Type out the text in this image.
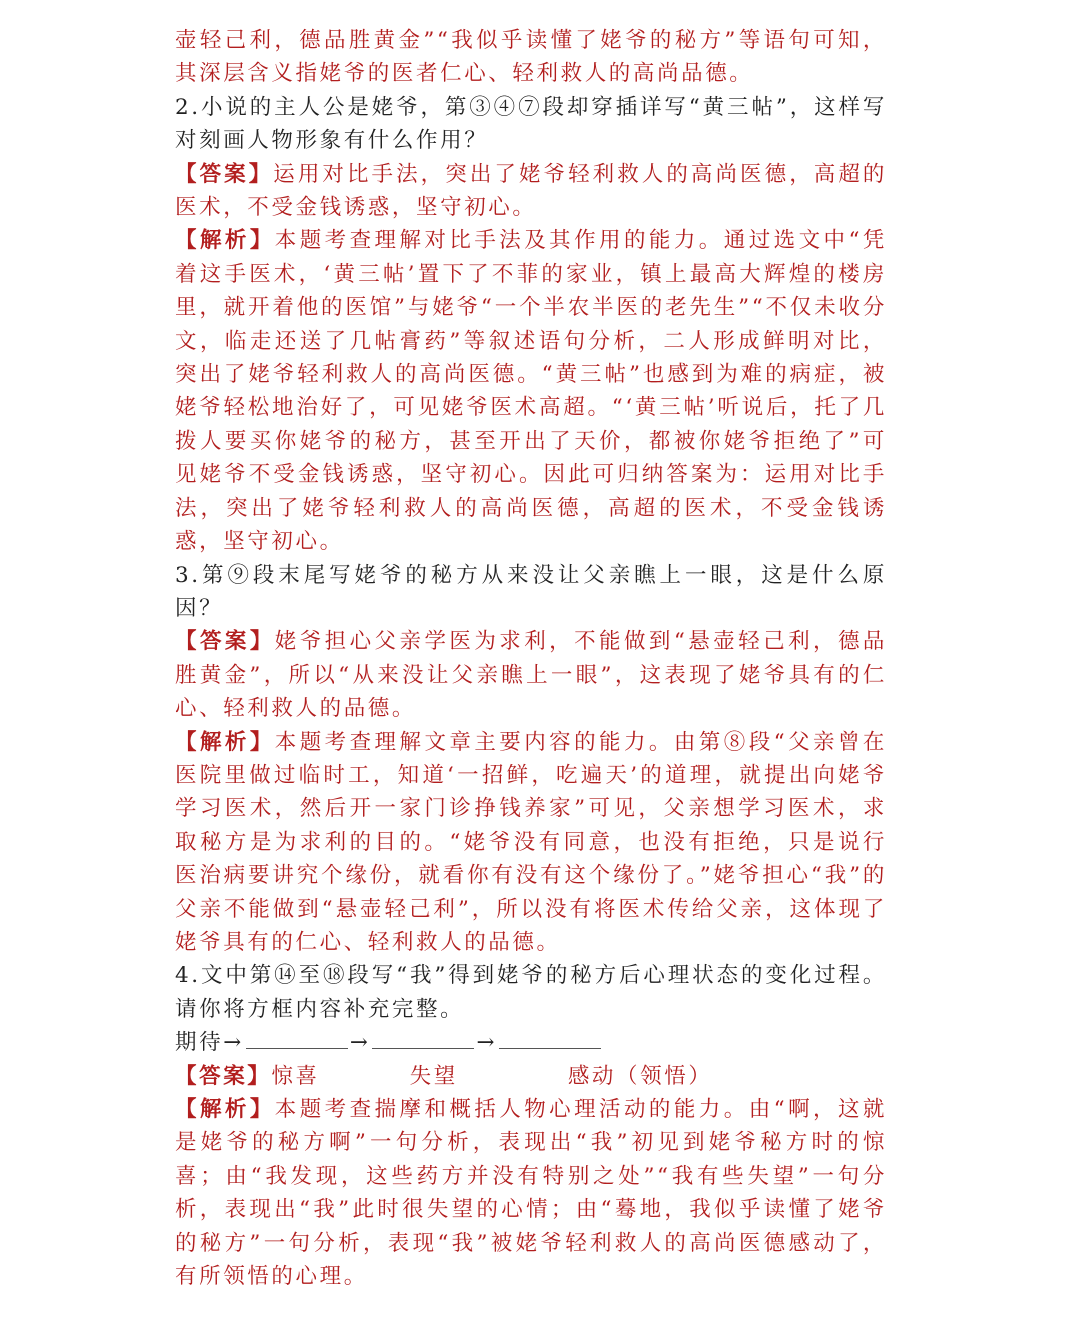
壶轻己利，德品胜黄金”“我似乎读懂了姥爷的秘方”等语句可知，其深层含义指姥爷的医者仁心、轻利救人的高尚品德。

2.小说的主人公是姥爷，第③④⑦段却穿插详写“黄三帖”，这样写对刻画人物形象有什么作用？

【答案】运用对比手法，突出了姥爷轻利救人的高尚医德，高超的医术，不受金钱诱惑，坚守初心。

【解析】本题考查理解对比手法及其作用的能力。通过选文中“凭着这手医术，‘黄三帖’置下了不菲的家业，镇上最高大辉煌的楼房里，就开着他的医馆”与姥爷“一个半农半医的老先生”“不仅未收分文，临走还送了几帖膏药”等叙述语句分析，二人形成鲜明对比，突出了姥爷轻利救人的高尚医德。“黄三帖”也感到为难的病症，被姥爷轻松地治好了，可见姥爷医术高超。“‘黄三帖’听说后，托了几拨人要买你姥爷的秘方，甚至开出了天价，都被你姥爷拒绝了”可见姥爷不受金钱诱惑，坚守初心。因此可归纳答案为：运用对比手法，突出了姥爷轻利救人的高尚医德，高超的医术，不受金钱诱惑，坚守初心。

3.第⑨段末尾写姥爷的秘方从来没让父亲瞧上一眼，这是什么原因？

【答案】姥爷担心父亲学医为求利，不能做到“悬壶轻己利，德品胜黄金”，所以“从来没让父亲瞧上一眼”，这表现了姥爷具有的仁心、轻利救人的品德。

【解析】本题考查理解文章主要内容的能力。由第⑧段“父亲曾在医院里做过临时工，知道‘一招鲜，吃遍天’的道理，就提出向姥爷学习医术，然后开一家门诊挣钱养家”可见，父亲想学习医术，求取秘方是为求利的目的。“姥爷没有同意，也没有拒绝，只是说行医治病要讲究个缘份，就看你有没有这个缘份了。”姥爷担心“我”的父亲不能做到“悬壶轻己利”，所以没有将医术传给父亲，这体现了姥爷具有的仁心、轻利救人的品德。

4.文中第⑭至⑱段写“我”得到姥爷的秘方后心理状态的变化过程。请你将方框内容补充完整。

期待→	→	→

【答案】惊喜	失望	感动（领悟）

【解析】本题考查揣摩和概括人物心理活动的能力。由“啊，这就是姥爷的秘方啊”一句分析，表现出“我”初见到姥爷秘方时的惊喜；由“我发现，这些药方并没有特别之处”“我有些失望”一句分析，表现出“我”此时很失望的心情；由“蓦地，我似乎读懂了姥爷的秘方”一句分析，表现“我”被姥爷轻利救人的高尚医德感动了，有所领悟的心理。
